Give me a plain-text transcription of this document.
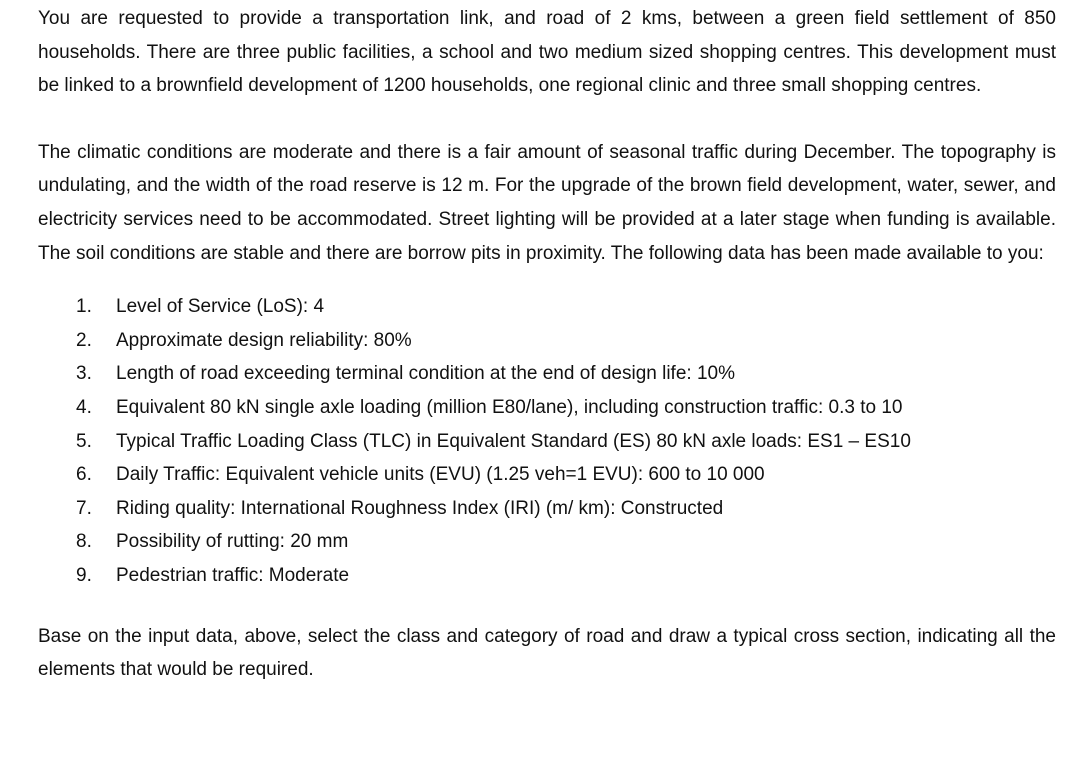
You are requested to provide a transportation link, and road of 2 kms, between a green field settlement of 850 households. There are three public facilities, a school and two medium sized shopping centres. This development must be linked to a brownfield development of 1200 households, one regional clinic and three small shopping centres.

The climatic conditions are moderate and there is a fair amount of seasonal traffic during December. The topography is undulating, and the width of the road reserve is 12 m. For the upgrade of the brown field development, water, sewer, and electricity services need to be accommodated. Street lighting will be provided at a later stage when funding is available. The soil conditions are stable and there are borrow pits in proximity. The following data has been made available to you:

1.	Level of Service (LoS): 4
2.	Approximate design reliability: 80%
3.	Length of road exceeding terminal condition at the end of design life: 10%
4.	Equivalent 80 kN single axle loading (million E80/lane), including construction traffic: 0.3 to 10
5.	Typical Traffic Loading Class (TLC) in Equivalent Standard (ES) 80 kN axle loads: ES1 – ES10
6.	Daily Traffic: Equivalent vehicle units (EVU) (1.25 veh=1 EVU): 600 to 10 000
7.	Riding quality: International Roughness Index (IRI) (m/ km): Constructed
8.	Possibility of rutting: 20 mm
9.	Pedestrian traffic: Moderate

Base on the input data, above, select the class and category of road and draw a typical cross section, indicating all the elements that would be required.
